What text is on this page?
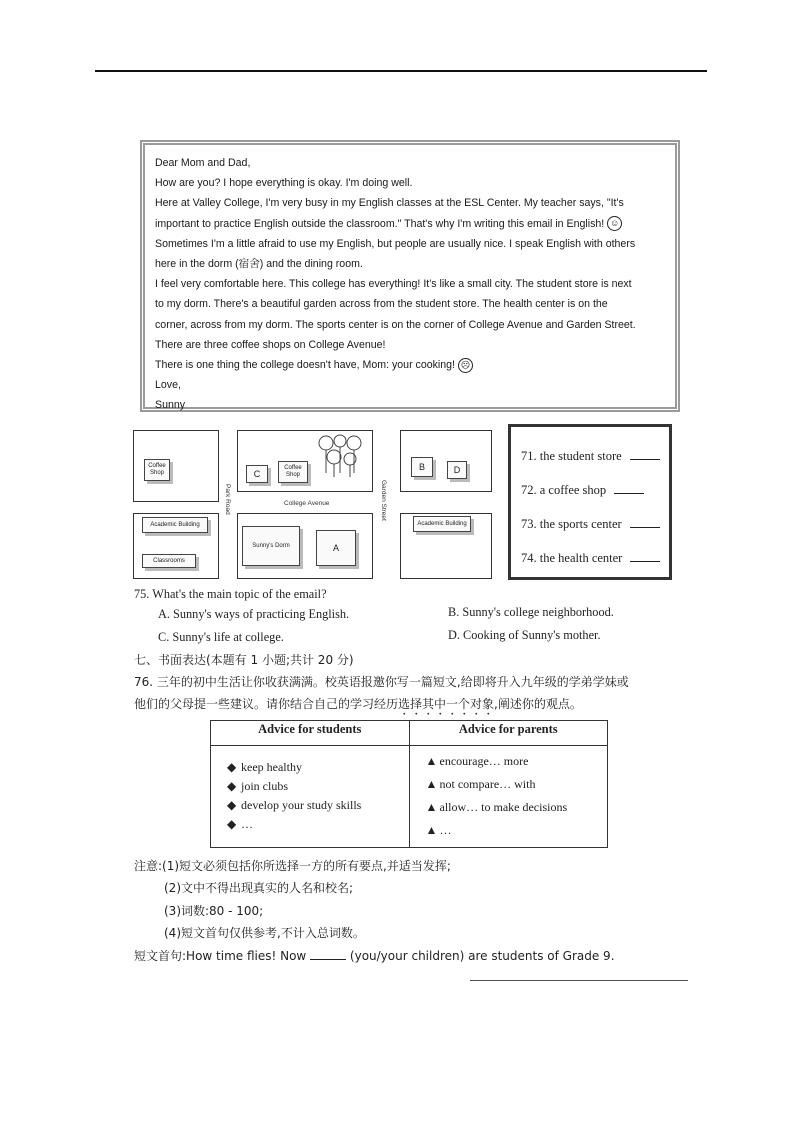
Dear Mom and Dad,

How are you? I hope everything is okay. I'm doing well.

Here at Valley College, I'm very busy in my English classes at the ESL Center. My teacher says, "It's

important to practice English outside the classroom." That's why I'm writing this email in English! ☺

Sometimes I'm a little afraid to use my English, but people are usually nice. I speak English with others

here in the dorm (宿舍) and the dining room.

I feel very comfortable here. This college has everything! It's like a small city. The student store is next

to my dorm. There's a beautiful garden across from the student store. The health center is on the

corner, across from my dorm. The sports center is on the corner of College Avenue and Garden Street.

There are three coffee shops on College Avenue!

There is one thing the college doesn't have, Mom: your cooking! ☹

Love,

Sunny

Coffee Shop
Academic Building
Classrooms
Park Road
C
Coffee Shop
College Avenue
Sunny's Dorm	A
Garden Street
B	D
Academic Building
71. the student store
72. a coffee shop
73. the sports center
74. the health center
75. What's the main topic of the email?
A. Sunny's ways of practicing English.	B. Sunny's college neighborhood.
C. Sunny's life at college.	D. Cooking of Sunny's mother.
七、书面表达(本题有 1 小题;共计 20 分)
76. 三年的初中生活让你收获满满。校英语报邀你写一篇短文,给即将升入九年级的学弟学妹或
他们的父母提一些建议。请你结合自己的学习经历选择其中一个对象,阐述你的观点。
Advice for students	Advice for parents

◆ keep healthy
◆ join clubs
◆ develop your study skills
◆ …	▲ encourage… more
▲ not compare… with
▲ allow… to make decisions
▲ …
注意:(1)短文必须包括你所选择一方的所有要点,并适当发挥;
(2)文中不得出现真实的人名和校名;
(3)词数:80 - 100;
(4)短文首句仅供参考,不计入总词数。
短文首句:How time flies! Now	(you/your children) are students of Grade 9.
